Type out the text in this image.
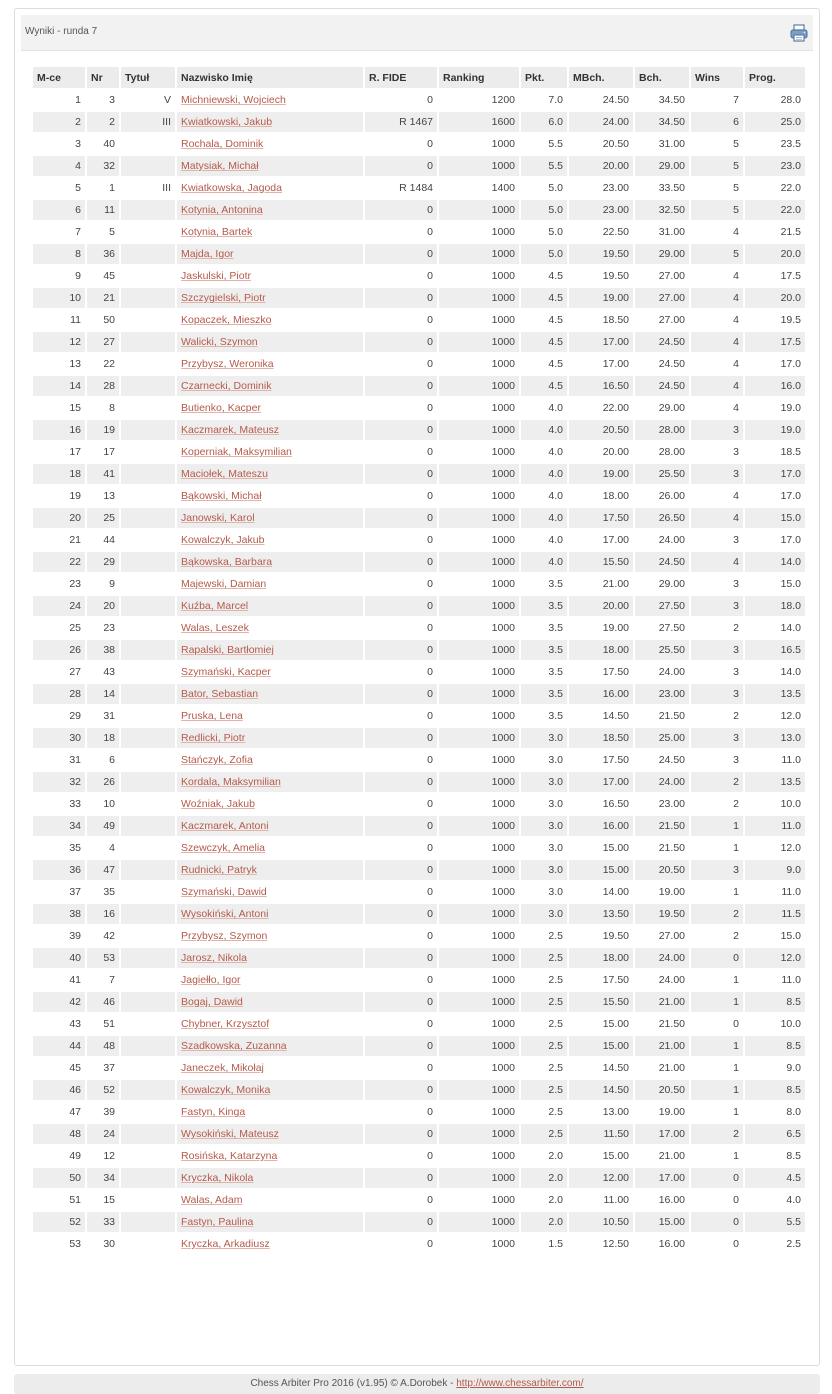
Wyniki - runda 7
M-ce	Nr	Tytuł	Nazwisko Imię	R. FIDE	Ranking	Pkt.	MBch.	Bch.	Wins	Prog.
1	3	V	Michniewski, Wojciech	0	1200	7.0	24.50	34.50	7	28.0
2	2	III	Kwiatkowski, Jakub	R 1467	1600	6.0	24.00	34.50	6	25.0
3	40		Rochala, Dominik	0	1000	5.5	20.50	31.00	5	23.5
4	32		Matysiak, Michał	0	1000	5.5	20.00	29.00	5	23.0
5	1	III	Kwiatkowska, Jagoda	R 1484	1400	5.0	23.00	33.50	5	22.0
6	11		Kotynia, Antonina	0	1000	5.0	23.00	32.50	5	22.0
7	5		Kotynia, Bartek	0	1000	5.0	22.50	31.00	4	21.5
8	36		Majda, Igor	0	1000	5.0	19.50	29.00	5	20.0
9	45		Jaskulski, Piotr	0	1000	4.5	19.50	27.00	4	17.5
10	21		Szczygielski, Piotr	0	1000	4.5	19.00	27.00	4	20.0
11	50		Kopaczek, Mieszko	0	1000	4.5	18.50	27.00	4	19.5
12	27		Walicki, Szymon	0	1000	4.5	17.00	24.50	4	17.5
13	22		Przybysz, Weronika	0	1000	4.5	17.00	24.50	4	17.0
14	28		Czarnecki, Dominik	0	1000	4.5	16.50	24.50	4	16.0
15	8		Butienko, Kacper	0	1000	4.0	22.00	29.00	4	19.0
16	19		Kaczmarek, Mateusz	0	1000	4.0	20.50	28.00	3	19.0
17	17		Koperniak, Maksymilian	0	1000	4.0	20.00	28.00	3	18.5
18	41		Maciołek, Mateszu	0	1000	4.0	19.00	25.50	3	17.0
19	13		Bąkowski, Michał	0	1000	4.0	18.00	26.00	4	17.0
20	25		Janowski, Karol	0	1000	4.0	17.50	26.50	4	15.0
21	44		Kowalczyk, Jakub	0	1000	4.0	17.00	24.00	3	17.0
22	29		Bąkowska, Barbara	0	1000	4.0	15.50	24.50	4	14.0
23	9		Majewski, Damian	0	1000	3.5	21.00	29.00	3	15.0
24	20		Kuźba, Marcel	0	1000	3.5	20.00	27.50	3	18.0
25	23		Walas, Leszek	0	1000	3.5	19.00	27.50	2	14.0
26	38		Rapalski, Bartłomiej	0	1000	3.5	18.00	25.50	3	16.5
27	43		Szymański, Kacper	0	1000	3.5	17.50	24.00	3	14.0
28	14		Bator, Sebastian	0	1000	3.5	16.00	23.00	3	13.5
29	31		Pruska, Lena	0	1000	3.5	14.50	21.50	2	12.0
30	18		Redlicki, Piotr	0	1000	3.0	18.50	25.00	3	13.0
31	6		Stańczyk, Zofia	0	1000	3.0	17.50	24.50	3	11.0
32	26		Kordala, Maksymilian	0	1000	3.0	17.00	24.00	2	13.5
33	10		Woźniak, Jakub	0	1000	3.0	16.50	23.00	2	10.0
34	49		Kaczmarek, Antoni	0	1000	3.0	16.00	21.50	1	11.0
35	4		Szewczyk, Amelia	0	1000	3.0	15.00	21.50	1	12.0
36	47		Rudnicki, Patryk	0	1000	3.0	15.00	20.50	3	9.0
37	35		Szymański, Dawid	0	1000	3.0	14.00	19.00	1	11.0
38	16		Wysokiński, Antoni	0	1000	3.0	13.50	19.50	2	11.5
39	42		Przybysz, Szymon	0	1000	2.5	19.50	27.00	2	15.0
40	53		Jarosz, Nikola	0	1000	2.5	18.00	24.00	0	12.0
41	7		Jagiełło, Igor	0	1000	2.5	17.50	24.00	1	11.0
42	46		Bogaj, Dawid	0	1000	2.5	15.50	21.00	1	8.5
43	51		Chybner, Krzysztof	0	1000	2.5	15.00	21.50	0	10.0
44	48		Szadkowska, Zuzanna	0	1000	2.5	15.00	21.00	1	8.5
45	37		Janeczek, Mikołaj	0	1000	2.5	14.50	21.00	1	9.0
46	52		Kowalczyk, Monika	0	1000	2.5	14.50	20.50	1	8.5
47	39		Fastyn, Kinga	0	1000	2.5	13.00	19.00	1	8.0
48	24		Wysokiński, Mateusz	0	1000	2.5	11.50	17.00	2	6.5
49	12		Rosińska, Katarzyna	0	1000	2.0	15.00	21.00	1	8.5
50	34		Kryczka, Nikola	0	1000	2.0	12.00	17.00	0	4.5
51	15		Walas, Adam	0	1000	2.0	11.00	16.00	0	4.0
52	33		Fastyn, Paulina	0	1000	2.0	10.50	15.00	0	5.5
53	30		Kryczka, Arkadiusz	0	1000	1.5	12.50	16.00	0	2.5
Chess Arbiter Pro 2016 (v1.95) © A.Dorobek - http://www.chessarbiter.com/
